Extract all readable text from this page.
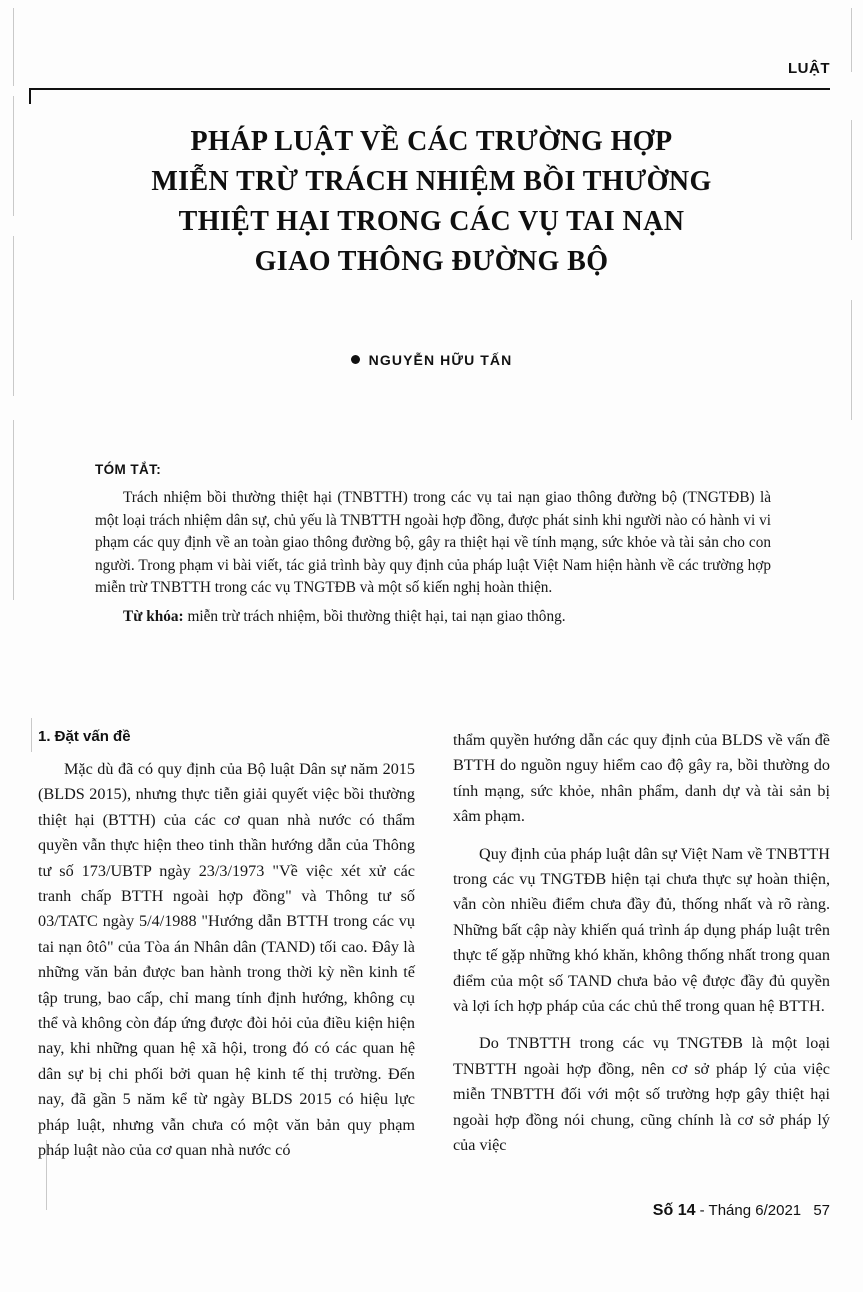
LUẬT
PHÁP LUẬT VỀ CÁC TRƯỜNG HỢP
MIỄN TRỪ TRÁCH NHIỆM BỒI THƯỜNG
THIỆT HẠI TRONG CÁC VỤ TAI NẠN
GIAO THÔNG ĐƯỜNG BỘ
NGUYỄN HỮU TẤN
TÓM TẮT:
Trách nhiệm bồi thường thiệt hại (TNBTTH) trong các vụ tai nạn giao thông đường bộ (TNGTĐB) là một loại trách nhiệm dân sự, chủ yếu là TNBTTH ngoài hợp đồng, được phát sinh khi người nào có hành vi vi phạm các quy định về an toàn giao thông đường bộ, gây ra thiệt hại về tính mạng, sức khỏe và tài sản cho con người. Trong phạm vi bài viết, tác giả trình bày quy định của pháp luật Việt Nam hiện hành về các trường hợp miễn trừ TNBTTH trong các vụ TNGTĐB và một số kiến nghị hoàn thiện.
Từ khóa: miễn trừ trách nhiệm, bồi thường thiệt hại, tai nạn giao thông.
1. Đặt vấn đề

Mặc dù đã có quy định của Bộ luật Dân sự năm 2015 (BLDS 2015), nhưng thực tiễn giải quyết việc bồi thường thiệt hại (BTTH) của các cơ quan nhà nước có thẩm quyền vẫn thực hiện theo tinh thần hướng dẫn của Thông tư số 173/UBTP ngày 23/3/1973 "Về việc xét xử các tranh chấp BTTH ngoài hợp đồng" và Thông tư số 03/TATC ngày 5/4/1988 "Hướng dẫn BTTH trong các vụ tai nạn ôtô" của Tòa án Nhân dân (TAND) tối cao. Đây là những văn bản được ban hành trong thời kỳ nền kinh tế tập trung, bao cấp, chỉ mang tính định hướng, không cụ thể và không còn đáp ứng được đòi hỏi của điều kiện hiện nay, khi những quan hệ xã hội, trong đó có các quan hệ dân sự bị chi phối bởi quan hệ kinh tế thị trường. Đến nay, đã gần 5 năm kể từ ngày BLDS 2015 có hiệu lực pháp luật, nhưng vẫn chưa có một văn bản quy phạm pháp luật nào của cơ quan nhà nước có

thẩm quyền hướng dẫn các quy định của BLDS về vấn đề BTTH do nguồn nguy hiểm cao độ gây ra, bồi thường do tính mạng, sức khỏe, nhân phẩm, danh dự và tài sản bị xâm phạm.

Quy định của pháp luật dân sự Việt Nam về TNBTTH trong các vụ TNGTĐB hiện tại chưa thực sự hoàn thiện, vẫn còn nhiều điểm chưa đầy đủ, thống nhất và rõ ràng. Những bất cập này khiến quá trình áp dụng pháp luật trên thực tế gặp những khó khăn, không thống nhất trong quan điểm của một số TAND chưa bảo vệ được đầy đủ quyền và lợi ích hợp pháp của các chủ thể trong quan hệ BTTH.

Do TNBTTH trong các vụ TNGTĐB là một loại TNBTTH ngoài hợp đồng, nên cơ sở pháp lý của việc miễn TNBTTH đối với một số trường hợp gây thiệt hại ngoài hợp đồng nói chung, cũng chính là cơ sở pháp lý của việc

Số 14 - Tháng 6/2021 57
